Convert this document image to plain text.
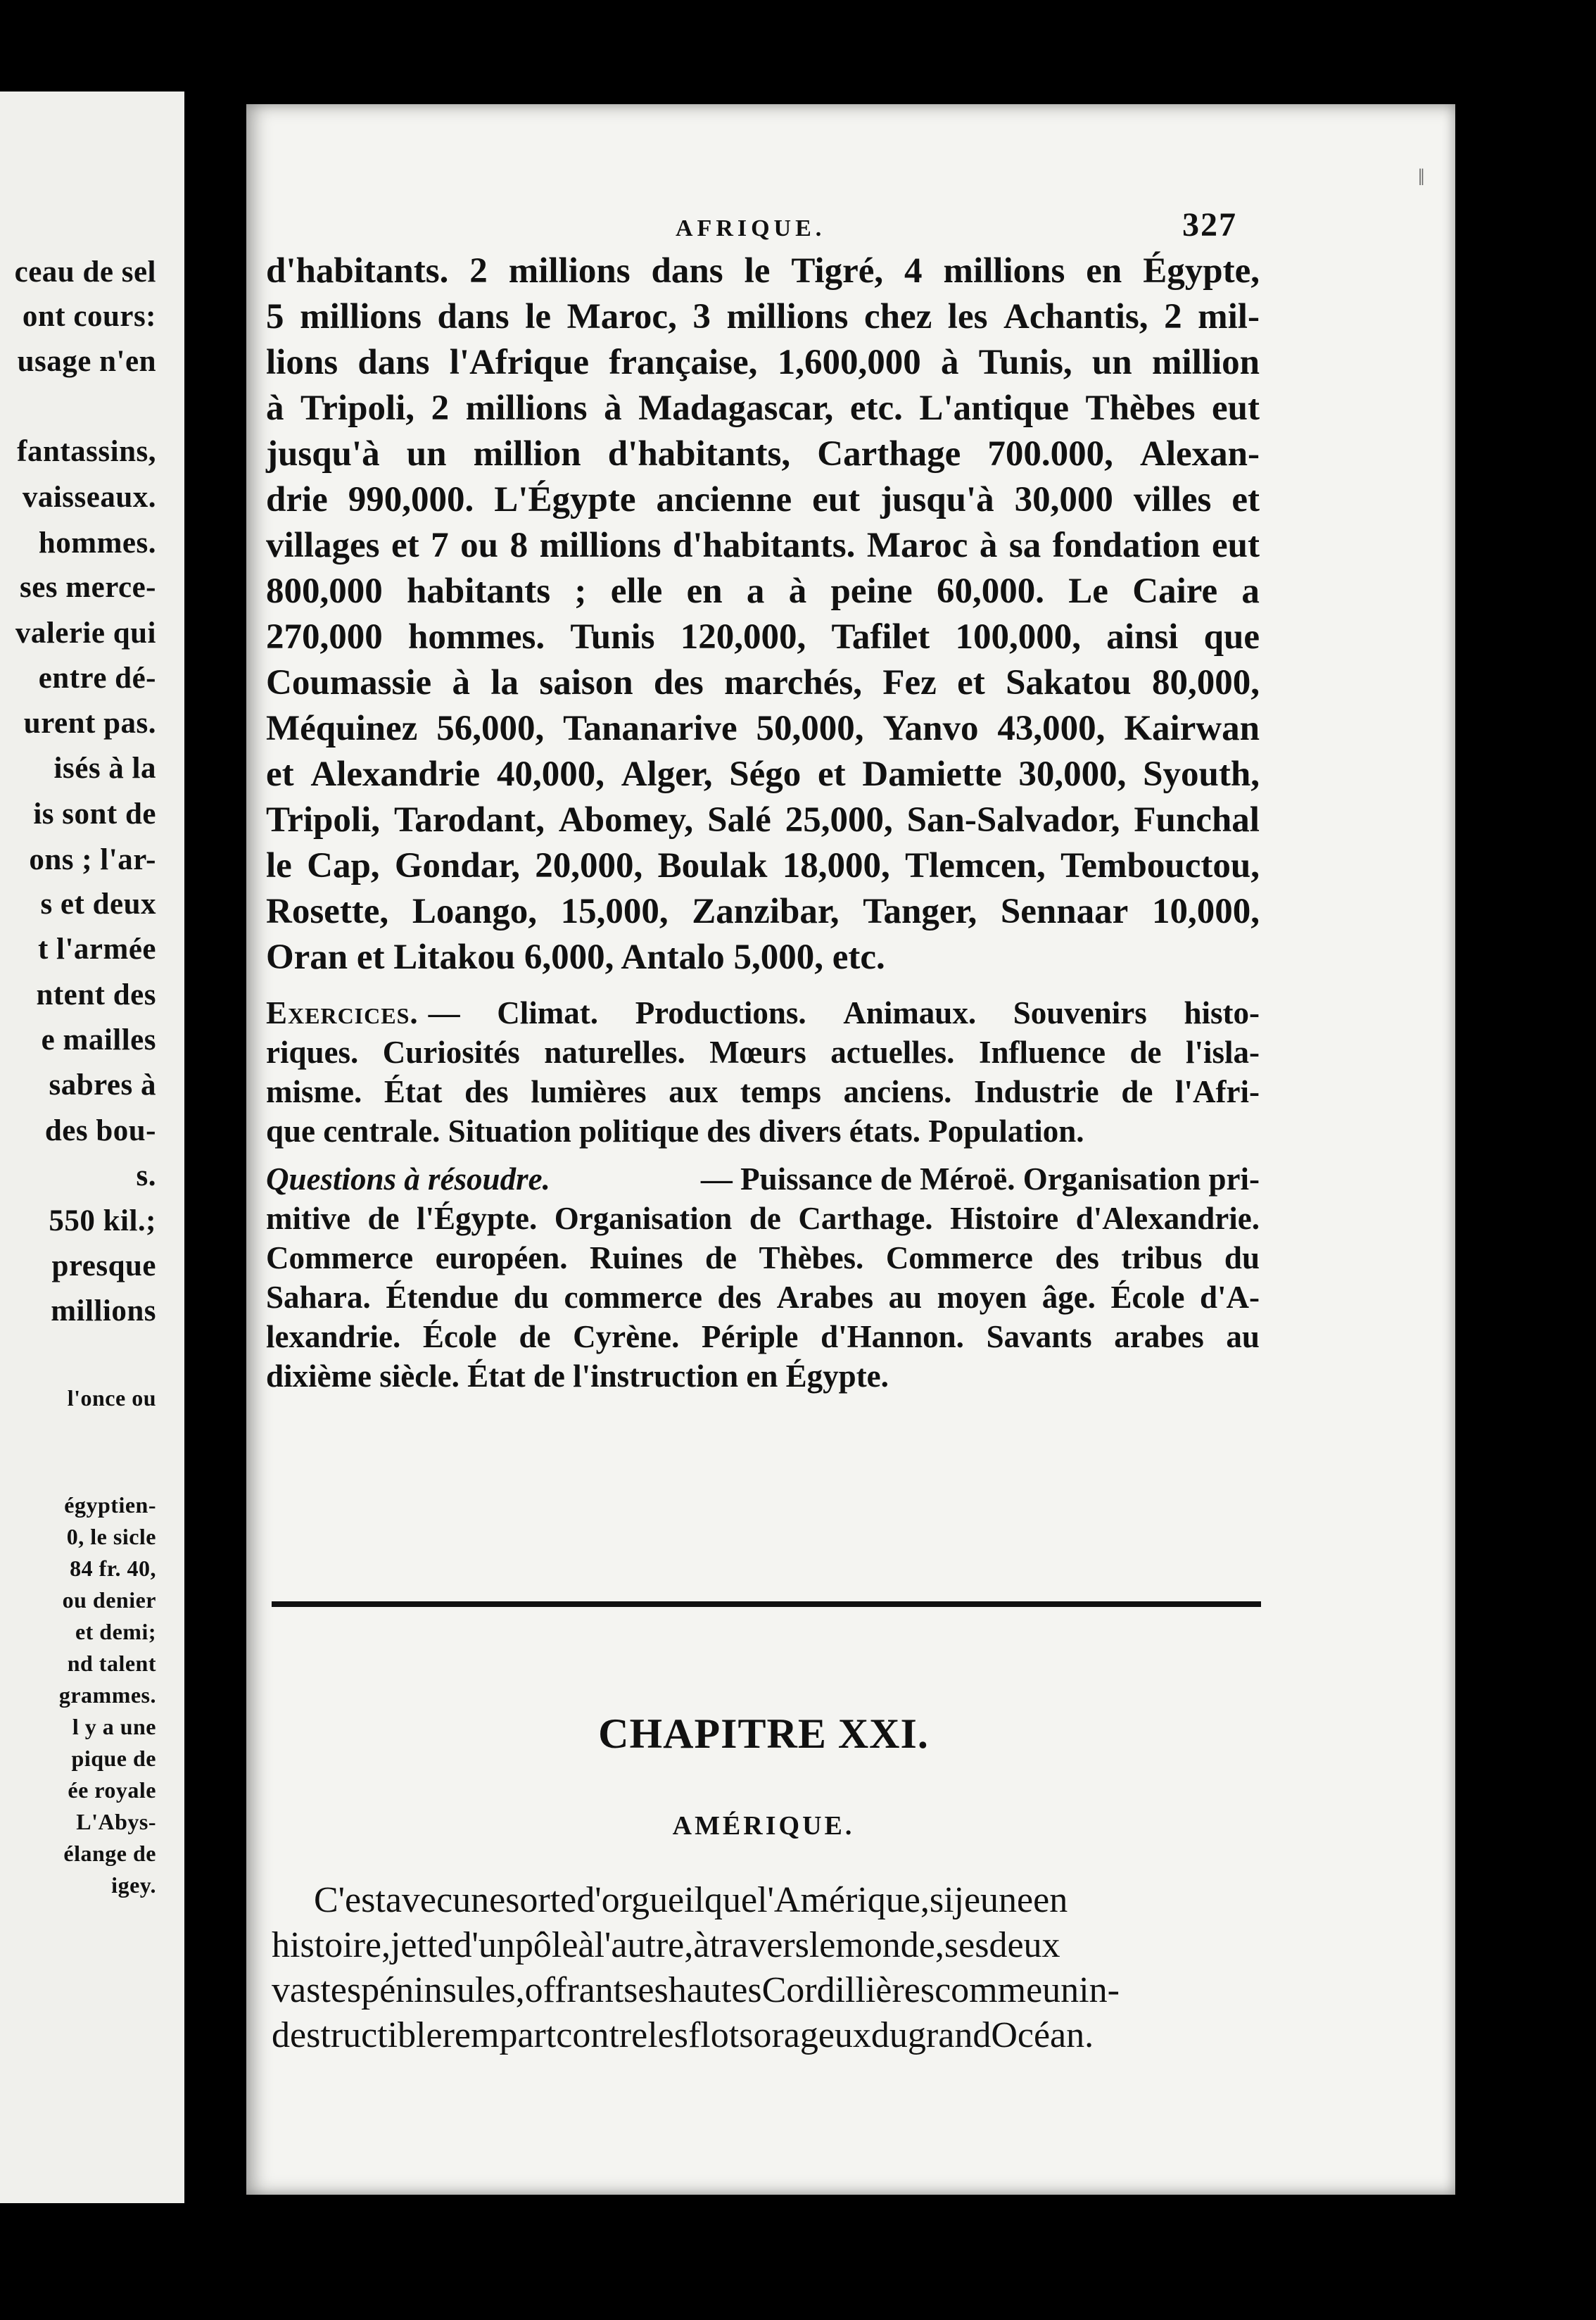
ceau de sel
ont cours:
usage n'en
fantassins,
vaisseaux.
hommes.
ses merce-
valerie qui
entre dé-
urent pas.
isés à la
is sont de
ons ; l'ar-
s et deux
t l'armée
ntent des
e mailles
sabres à
des bou-
s.
550 kil.;
presque
millions
l'once ou
égyptien-
0, le sicle
84 fr. 40,
ou denier
et demi;
nd talent
grammes.
l y a une
pique de
ée royale
L'Abys-
élange de
igey.
‖
AFRIQUE.	327
d'habitants. 2 millions dans le Tigré, 4 millions en Égypte,
5 millions dans le Maroc, 3 millions chez les Achantis, 2 mil-
lions dans l'Afrique française, 1,600,000 à Tunis, un million
à Tripoli, 2 millions à Madagascar, etc. L'antique Thèbes eut
jusqu'à un million d'habitants, Carthage 700.000, Alexan-
drie 990,000. L'Égypte ancienne eut jusqu'à 30,000 villes et
villages et 7 ou 8 millions d'habitants. Maroc à sa fondation eut
800,000 habitants ; elle en a à peine 60,000. Le Caire a
270,000 hommes. Tunis 120,000, Tafilet 100,000, ainsi que
Coumassie à la saison des marchés, Fez et Sakatou 80,000,
Méquinez 56,000, Tananarive 50,000, Yanvo 43,000, Kairwan
et Alexandrie 40,000, Alger, Ségo et Damiette 30,000, Syouth,
Tripoli, Tarodant, Abomey, Salé 25,000, San-Salvador, Funchal
le Cap, Gondar, 20,000, Boulak 18,000, Tlemcen, Tembouctou,
Rosette, Loango, 15,000, Zanzibar, Tanger, Sennaar 10,000,
Oran et Litakou 6,000, Antalo 5,000, etc.
Exercices. — Climat. Productions. Animaux. Souvenirs histo-
riques. Curiosités naturelles. Mœurs actuelles. Influence de l'isla-
misme. État des lumières aux temps anciens. Industrie de l'Afri-
que centrale. Situation politique des divers états. Population.
Questions à résoudre.	— Puissance de Méroë. Organisation pri-
mitive de l'Égypte. Organisation de Carthage. Histoire d'Alexandrie.
Commerce européen. Ruines de Thèbes. Commerce des tribus du
Sahara. Étendue du commerce des Arabes au moyen âge. École d'A-
lexandrie. École de Cyrène. Périple d'Hannon. Savants arabes au
dixième siècle. État de l'instruction en Égypte.
CHAPITRE XXI.
AMÉRIQUE.
C'estavecunesorted'orgueilquel'Amérique,sijeuneen
histoire,jetted'unpôleàl'autre,àtraverslemonde,sesdeux
vastespéninsules,offrantseshautesCordillièrescommeunin-
destructiblerempartcontrelesflotsorageuxdugrandOcéan.
